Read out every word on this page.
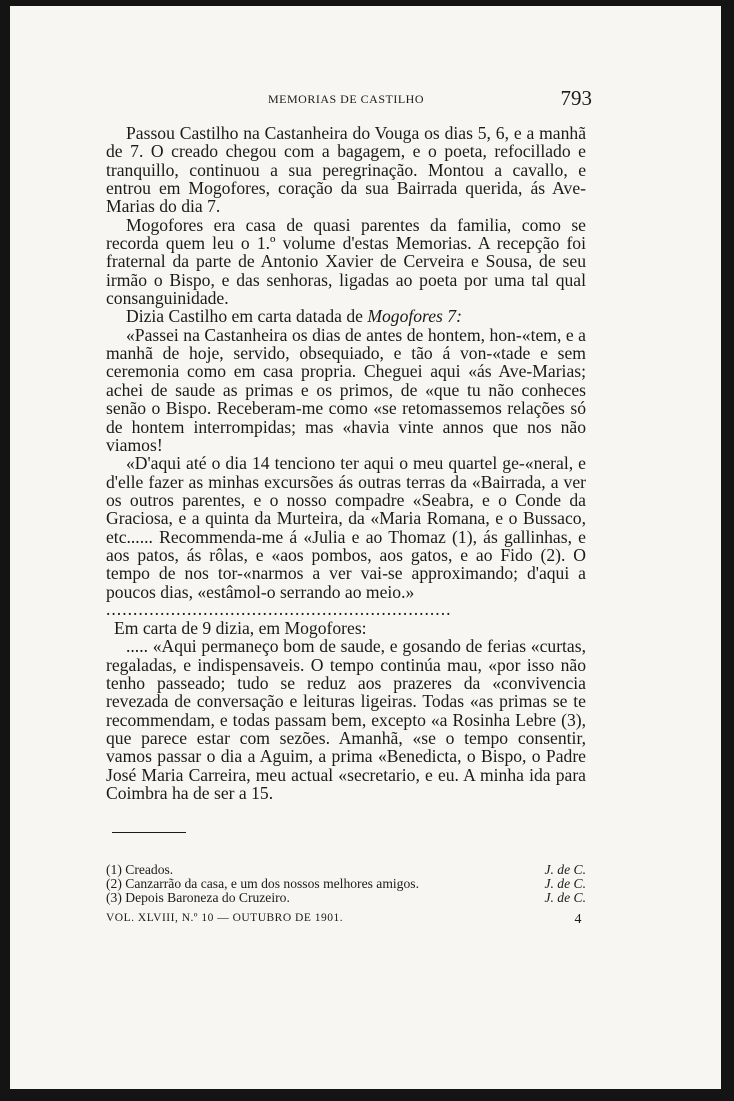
MEMORIAS DE CASTILHO	793

Passou Castilho na Castanheira do Vouga os dias 5, 6, e a manhã de 7. O creado chegou com a bagagem, e o poeta, refocillado e tranquillo, continuou a sua peregrinação. Montou a cavallo, e entrou em Mogofores, coração da sua Bairrada querida, ás Ave-Marias do dia 7.

Mogofores era casa de quasi parentes da familia, como se recorda quem leu o 1.º volume d'estas Memorias. A recepção foi fraternal da parte de Antonio Xavier de Cerveira e Sousa, de seu irmão o Bispo, e das senhoras, ligadas ao poeta por uma tal qual consanguinidade.

Dizia Castilho em carta datada de Mogofores 7:

«Passei na Castanheira os dias de antes de hontem, hon-«tem, e a manhã de hoje, servido, obsequiado, e tão á von-«tade e sem ceremonia como em casa propria. Cheguei aqui «ás Ave-Marias; achei de saude as primas e os primos, de «que tu não conheces senão o Bispo. Receberam-me como «se retomassemos relações só de hontem interrompidas; mas «havia vinte annos que nos não viamos!

«D'aqui até o dia 14 tenciono ter aqui o meu quartel ge-«neral, e d'elle fazer as minhas excursões ás outras terras da «Bairrada, a ver os outros parentes, e o nosso compadre «Seabra, e o Conde da Graciosa, e a quinta da Murteira, da «Maria Romana, e o Bussaco, etc...... Recommenda-me á «Julia e ao Thomaz (1), ás gallinhas, e aos patos, ás rôlas, e «aos pombos, aos gatos, e ao Fido (2). O tempo de nos tor-«narmos a ver vai-se approximando; d'aqui a poucos dias, «estâmol-o serrando ao meio.»

................................................................

Em carta de 9 dizia, em Mogofores:

..... «Aqui permaneço bom de saude, e gosando de ferias «curtas, regaladas, e indispensaveis. O tempo continúa mau, «por isso não tenho passeado; tudo se reduz aos prazeres da «convivencia revezada de conversação e leituras ligeiras. Todas «as primas se te recommendam, e todas passam bem, excepto «a Rosinha Lebre (3), que parece estar com sezões. Amanhã, «se o tempo consentir, vamos passar o dia a Aguim, a prima «Benedicta, o Bispo, o Padre José Maria Carreira, meu actual «secretario, e eu. A minha ida para Coimbra ha de ser a 15.

(1) Creados.	J. de C.
(2) Canzarrão da casa, e um dos nossos melhores amigos.	J. de C.
(3) Depois Baroneza do Cruzeiro.	J. de C.
VOL. XLVIII, N.º 10 — OUTUBRO DE 1901.	4
